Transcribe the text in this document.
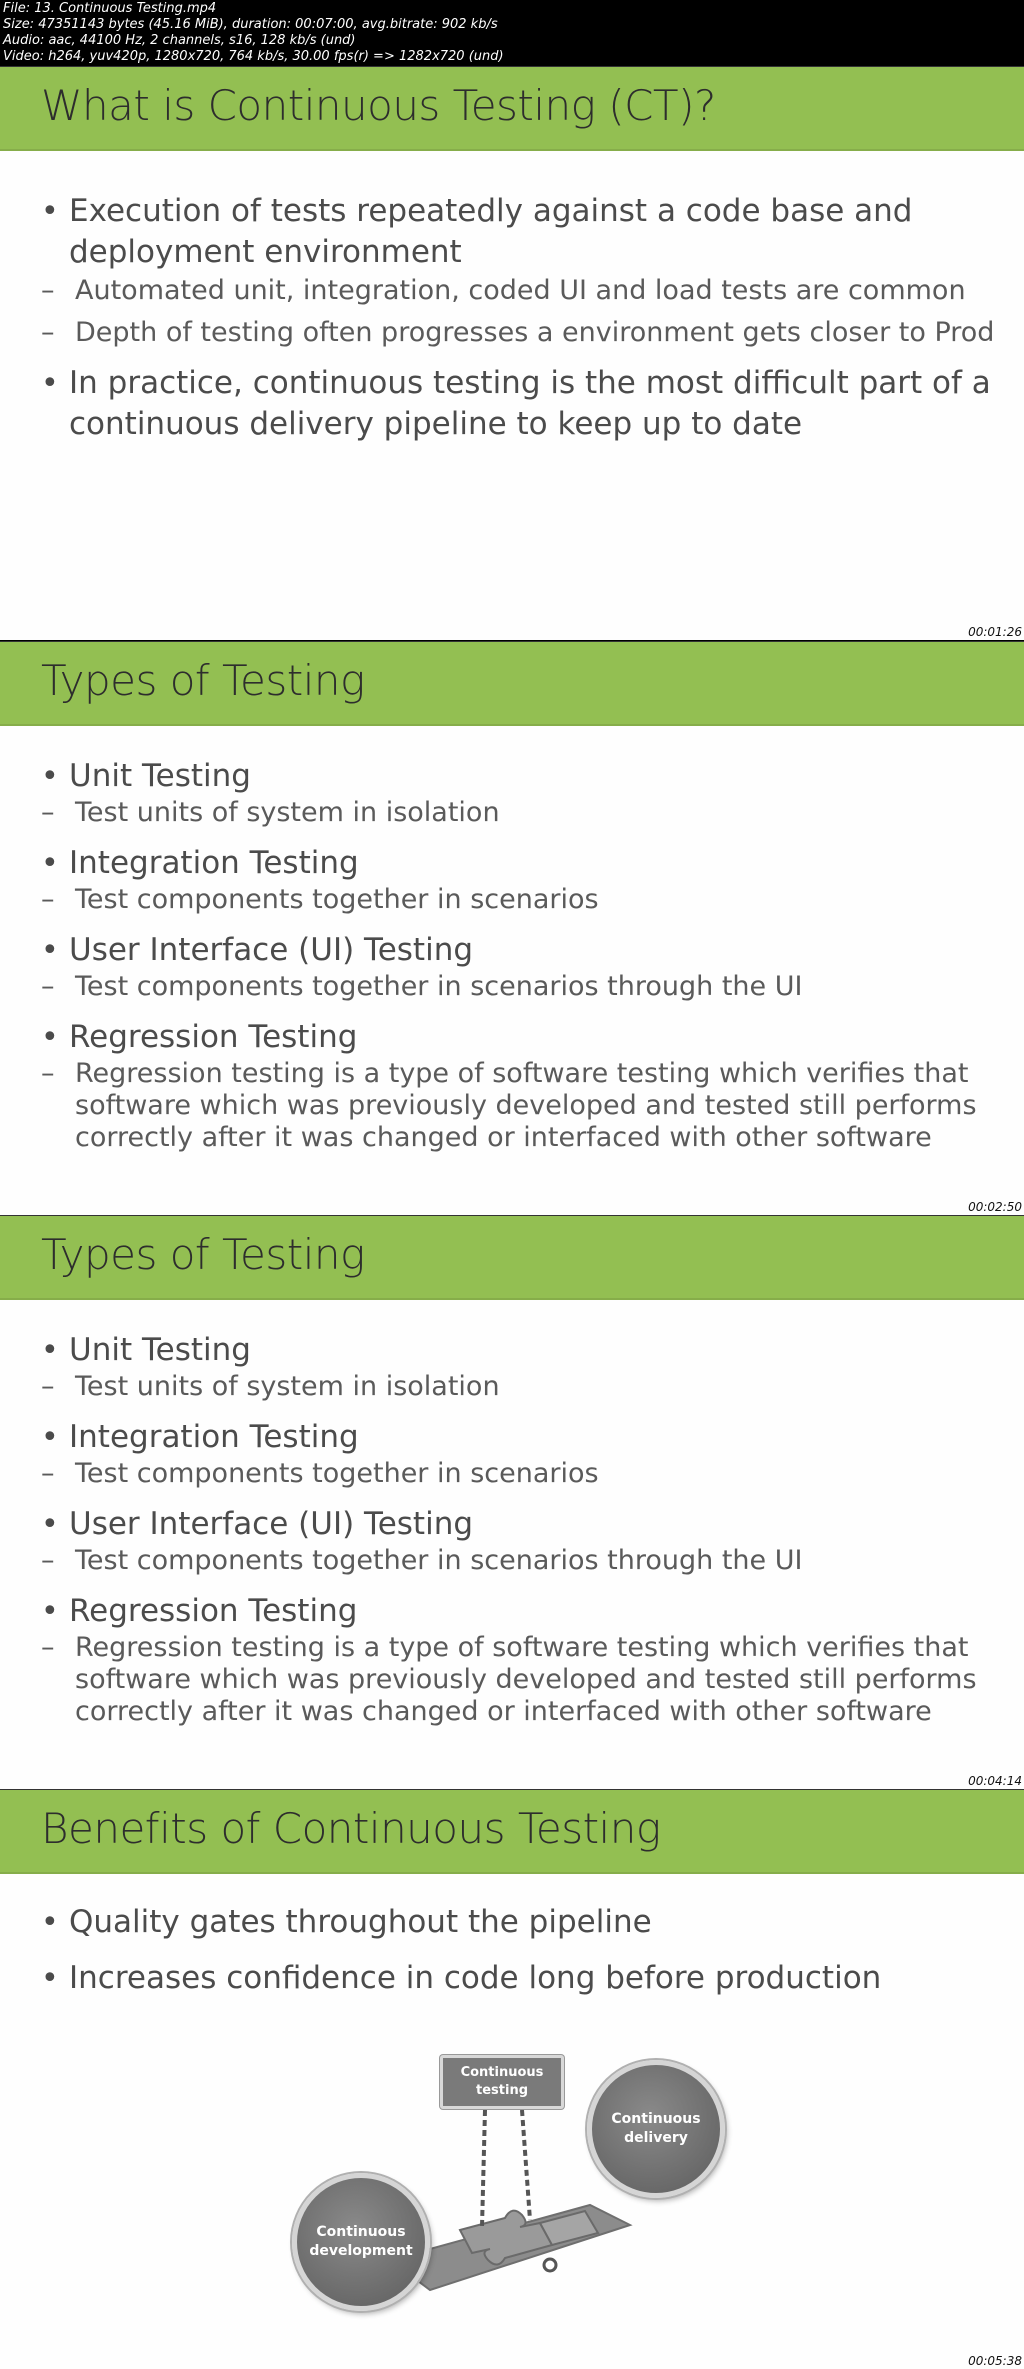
File: 13. Continuous Testing.mp4
Size: 47351143 bytes (45.16 MiB), duration: 00:07:00, avg.bitrate: 902 kb/s
Audio: aac, 44100 Hz, 2 channels, s16, 128 kb/s (und)
Video: h264, yuv420p, 1280x720, 764 kb/s, 30.00 fps(r) => 1282x720 (und)
What is Continuous Testing (CT)?
• Execution of tests repeatedly against a code base and
deployment environment
– Automated unit, integration, coded UI and load tests are common
– Depth of testing often progresses a environment gets closer to Prod
• In practice, continuous testing is the most difficult part of a
continuous delivery pipeline to keep up to date
00:01:26
Types of Testing
• Unit Testing
– Test units of system in isolation
• Integration Testing
– Test components together in scenarios
• User Interface (UI) Testing
– Test components together in scenarios through the UI
• Regression Testing
– Regression testing is a type of software testing which verifies that
software which was previously developed and tested still performs
correctly after it was changed or interfaced with other software
00:02:50
Types of Testing
• Unit Testing
– Test units of system in isolation
• Integration Testing
– Test components together in scenarios
• User Interface (UI) Testing
– Test components together in scenarios through the UI
• Regression Testing
– Regression testing is a type of software testing which verifies that
software which was previously developed and tested still performs
correctly after it was changed or interfaced with other software
00:04:14
Benefits of Continuous Testing
• Quality gates throughout the pipeline
• Increases confidence in code long before production
Continuous
testing
Continuous
delivery
Continuous
development
00:05:38
